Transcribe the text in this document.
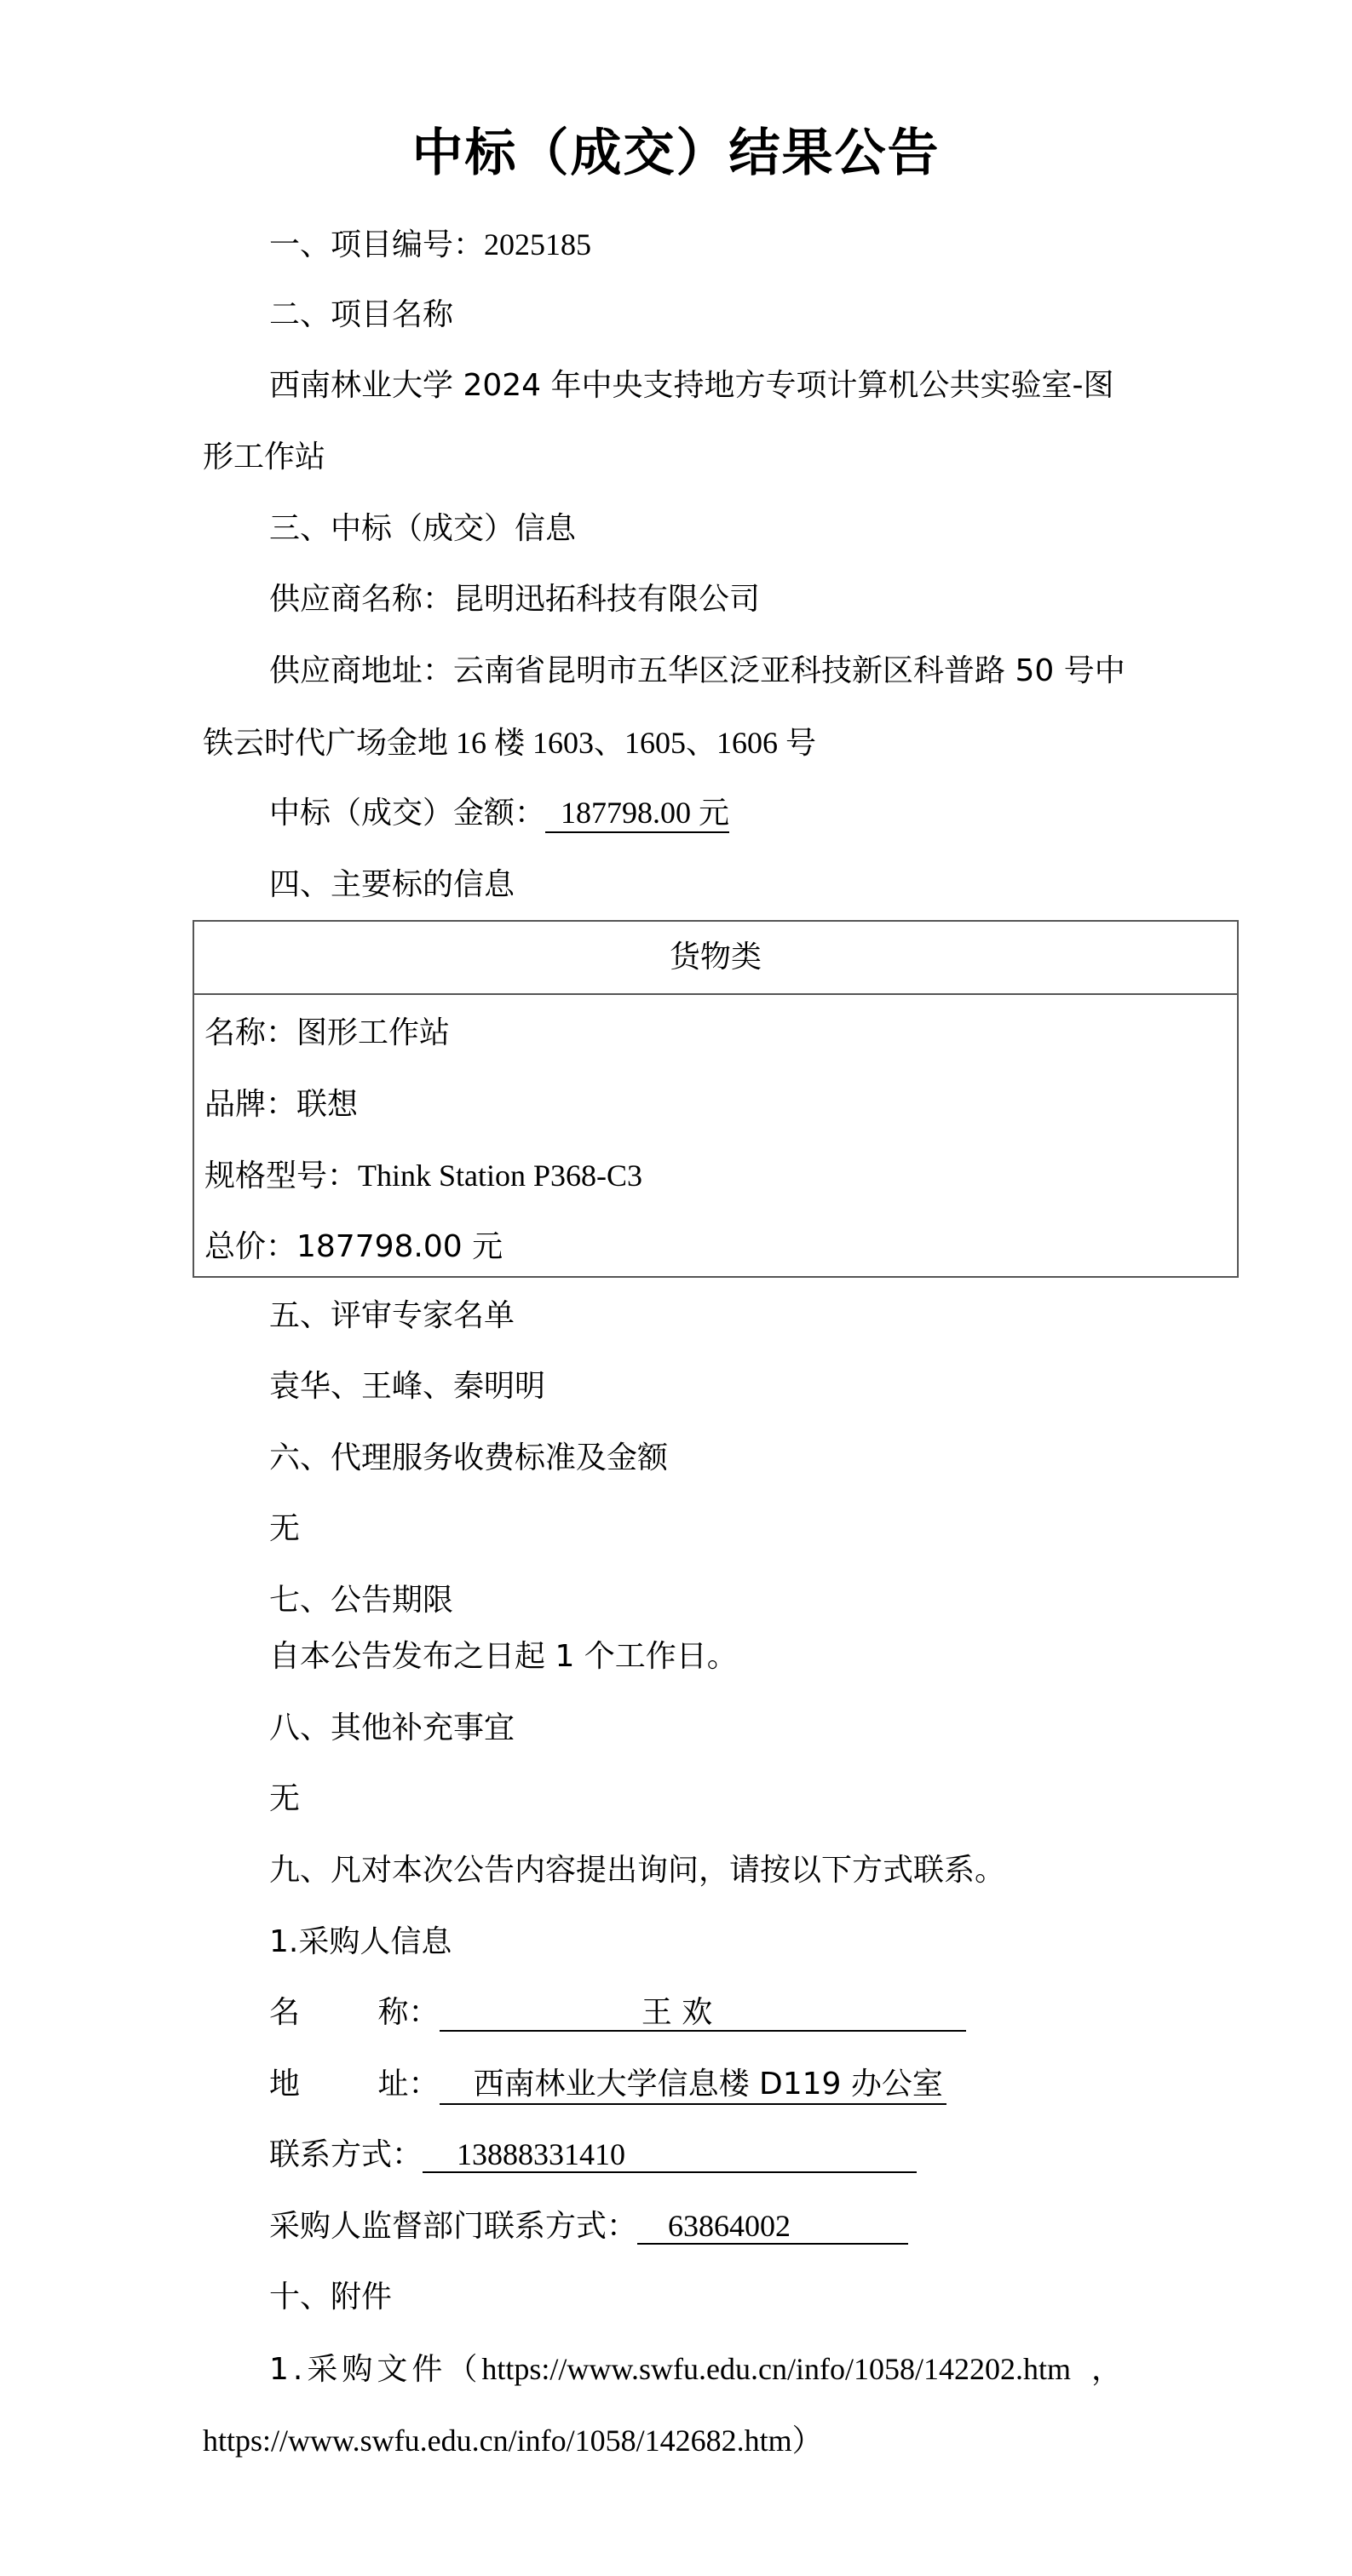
中标（成交）结果公告
一、项目编号：2025185
二、项目名称
西南林业大学 2024 年中央支持地方专项计算机公共实验室-图
形工作站
三、中标（成交）信息
供应商名称：昆明迅拓科技有限公司
供应商地址：云南省昆明市五华区泛亚科技新区科普路 50 号中
铁云时代广场金地 16 楼 1603、1605、1606 号
中标（成交）金额： 187798.00 元
四、主要标的信息
货物类
名称：图形工作站
品牌：联想
规格型号：Think Station P368-C3
总价：187798.00 元
五、评审专家名单
袁华、王峰、秦明明
六、代理服务收费标准及金额
无
七、公告期限
自本公告发布之日起 1 个工作日。
八、其他补充事宜
无
九、凡对本次公告内容提出询问，请按以下方式联系。
1.采购人信息
名        称：	王 欢
地        址： 西南林业大学信息楼 D119 办公室
联系方式： 13888331410
采购人监督部门联系方式： 63864002
十、附件
1.采购文件（https://www.swfu.edu.cn/info/1058/142202.htm ，
https://www.swfu.edu.cn/info/1058/142682.htm）
